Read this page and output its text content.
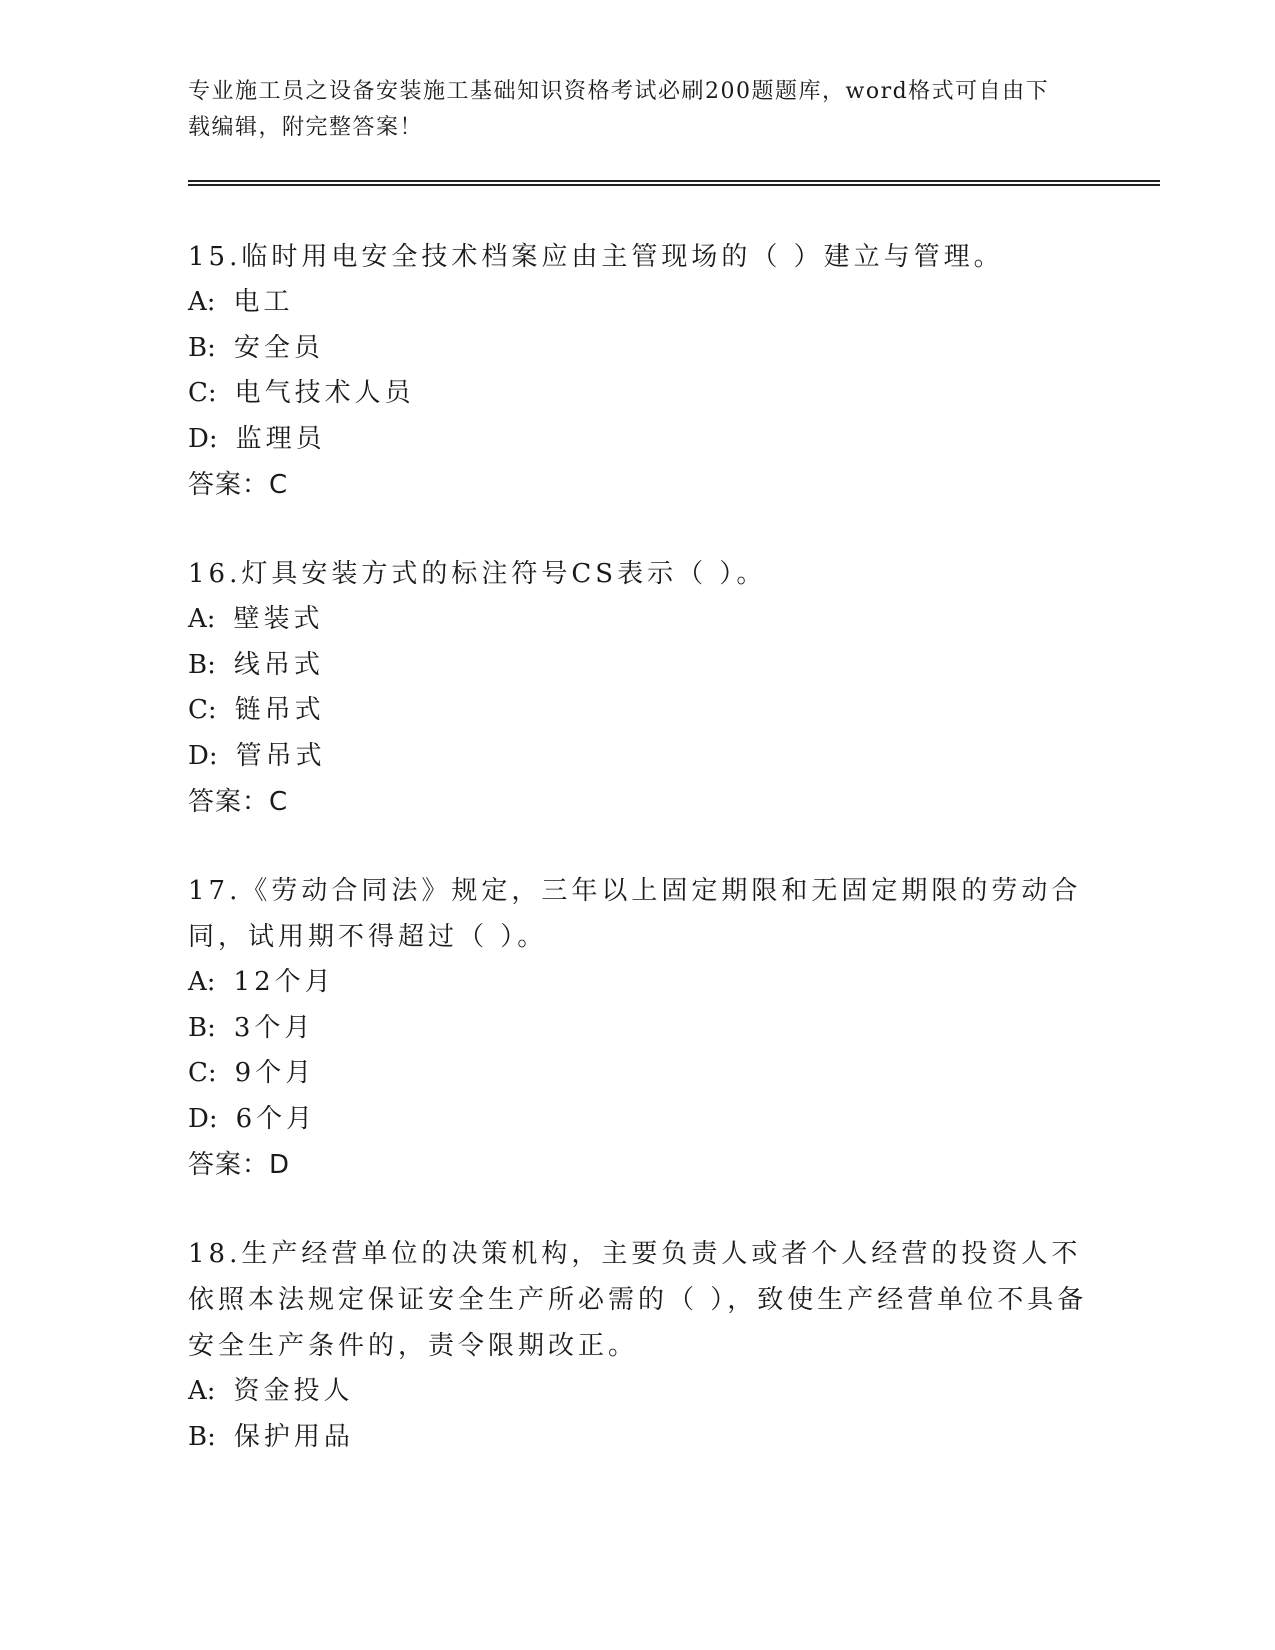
专业施工员之设备安装施工基础知识资格考试必刷200题题库，word格式可自由下载编辑，附完整答案！

15.临时用电安全技术档案应由主管现场的（ ）建立与管理。

A: 电工

B: 安全员

C: 电气技术人员

D: 监理员

答案：C

16.灯具安装方式的标注符号CS表示（ ）。

A: 壁装式

B: 线吊式

C: 链吊式

D: 管吊式

答案：C

17.《劳动合同法》规定，三年以上固定期限和无固定期限的劳动合同，试用期不得超过（ ）。

A: 12个月

B: 3个月

C: 9个月

D: 6个月

答案：D

18.生产经营单位的决策机构，主要负责人或者个人经营的投资人不依照本法规定保证安全生产所必需的（ ），致使生产经营单位不具备安全生产条件的，责令限期改正。

A: 资金投人

B: 保护用品
